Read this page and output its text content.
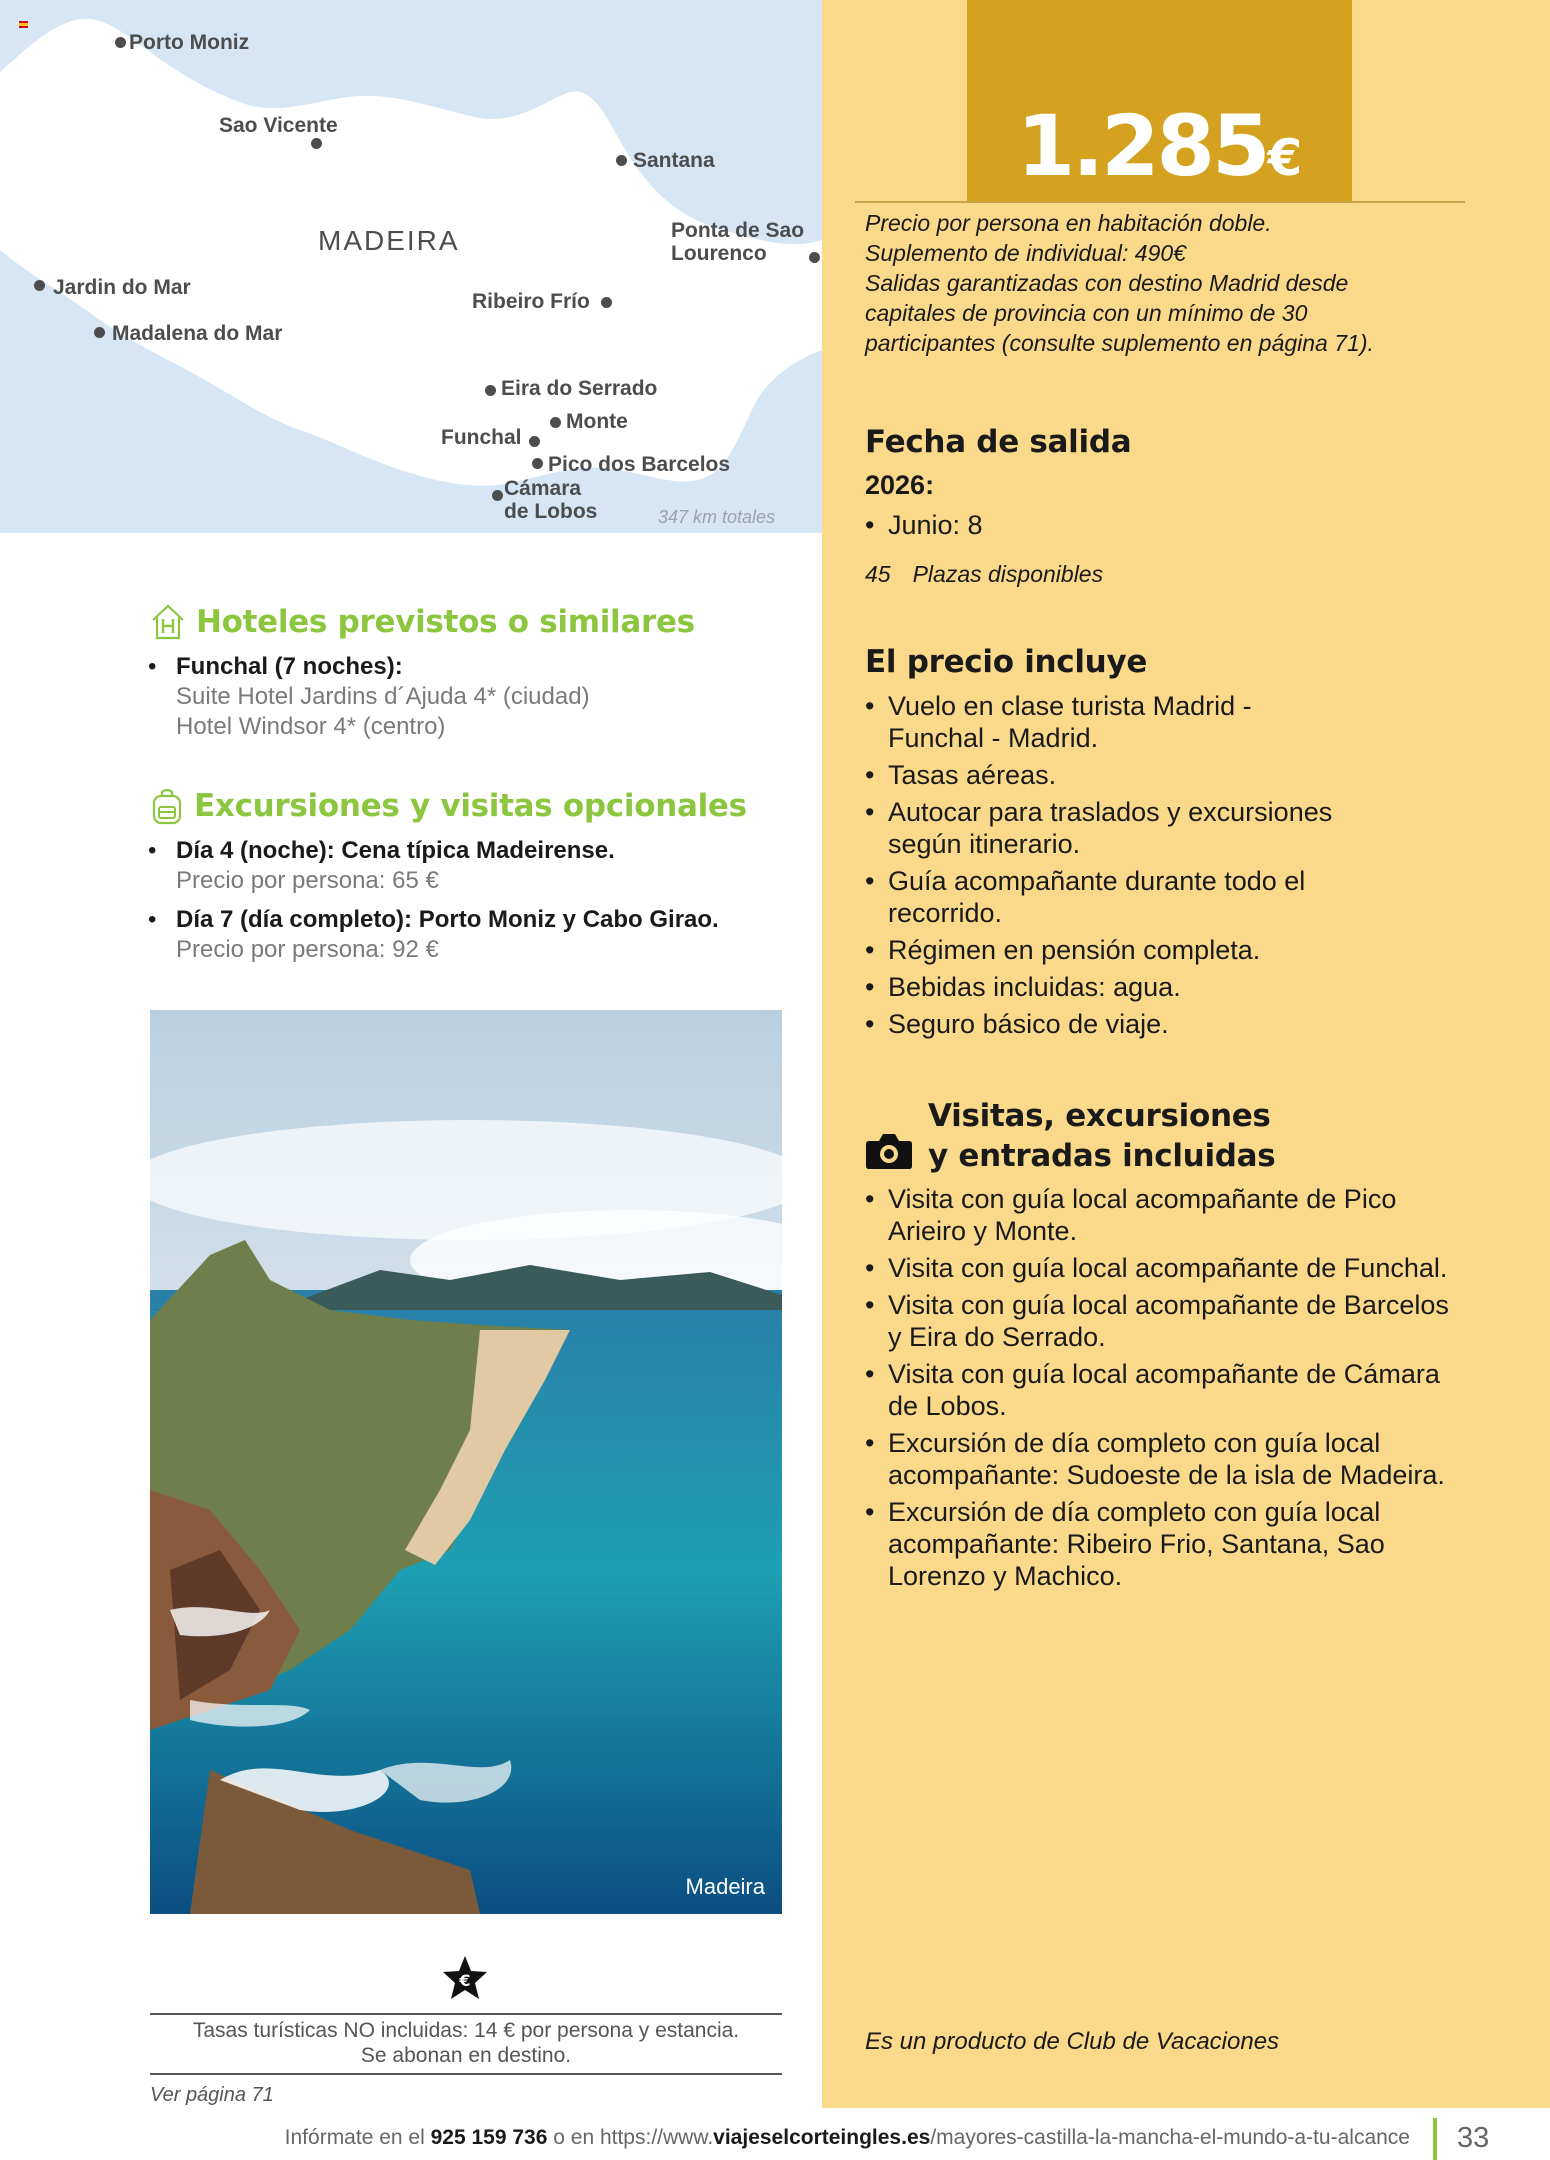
Porto Moniz
Sao Vicente
Santana
MADEIRA	Ponta de Sao
Lourenco
Jardin do Mar
Madalena do Mar
Ribeiro Frío
Eira do Serrado
Monte
Funchal
Pico dos Barcelos
Cámara
de Lobos	347 km totales
Hoteles previstos o similares
• Funchal (7 noches):
Suite Hotel Jardins d´Ajuda 4* (ciudad)
Hotel Windsor 4* (centro)
Excursiones y visitas opcionales
• Día 4 (noche): Cena típica Madeirense.
Precio por persona: 65 €
• Día 7 (día completo): Porto Moniz y Cabo Girao.
Precio por persona: 92 €
Madeira
€
Tasas turísticas NO incluidas: 14 € por persona y estancia.
Se abonan en destino.
Ver página 71
1.285€
Precio por persona en habitación doble.
Suplemento de individual: 490€
Salidas garantizadas con destino Madrid desde
capitales de provincia con un mínimo de 30
participantes (consulte suplemento en página 71).
Fecha de salida
2026:
• Junio: 8
45 Plazas disponibles
El precio incluye
• Vuelo en clase turista Madrid - Funchal - Madrid.
• Tasas aéreas.
• Autocar para traslados y excursiones según itinerario.
• Guía acompañante durante todo el recorrido.
• Régimen en pensión completa.
• Bebidas incluidas: agua.
• Seguro básico de viaje.
Visitas, excursiones
y entradas incluidas
• Visita con guía local acompañante de Pico Arieiro y Monte.
• Visita con guía local acompañante de Funchal.
• Visita con guía local acompañante de Barcelos y Eira do Serrado.
• Visita con guía local acompañante de Cámara de Lobos.
• Excursión de día completo con guía local acompañante: Sudoeste de la isla de Madeira.
• Excursión de día completo con guía local acompañante: Ribeiro Frio, Santana, Sao Lorenzo y Machico.
Es un producto de Club de Vacaciones
Infórmate en el 925 159 736 o en https://www.viajeselcorteingles.es/mayores-castilla-la-mancha-el-mundo-a-tu-alcance 33
